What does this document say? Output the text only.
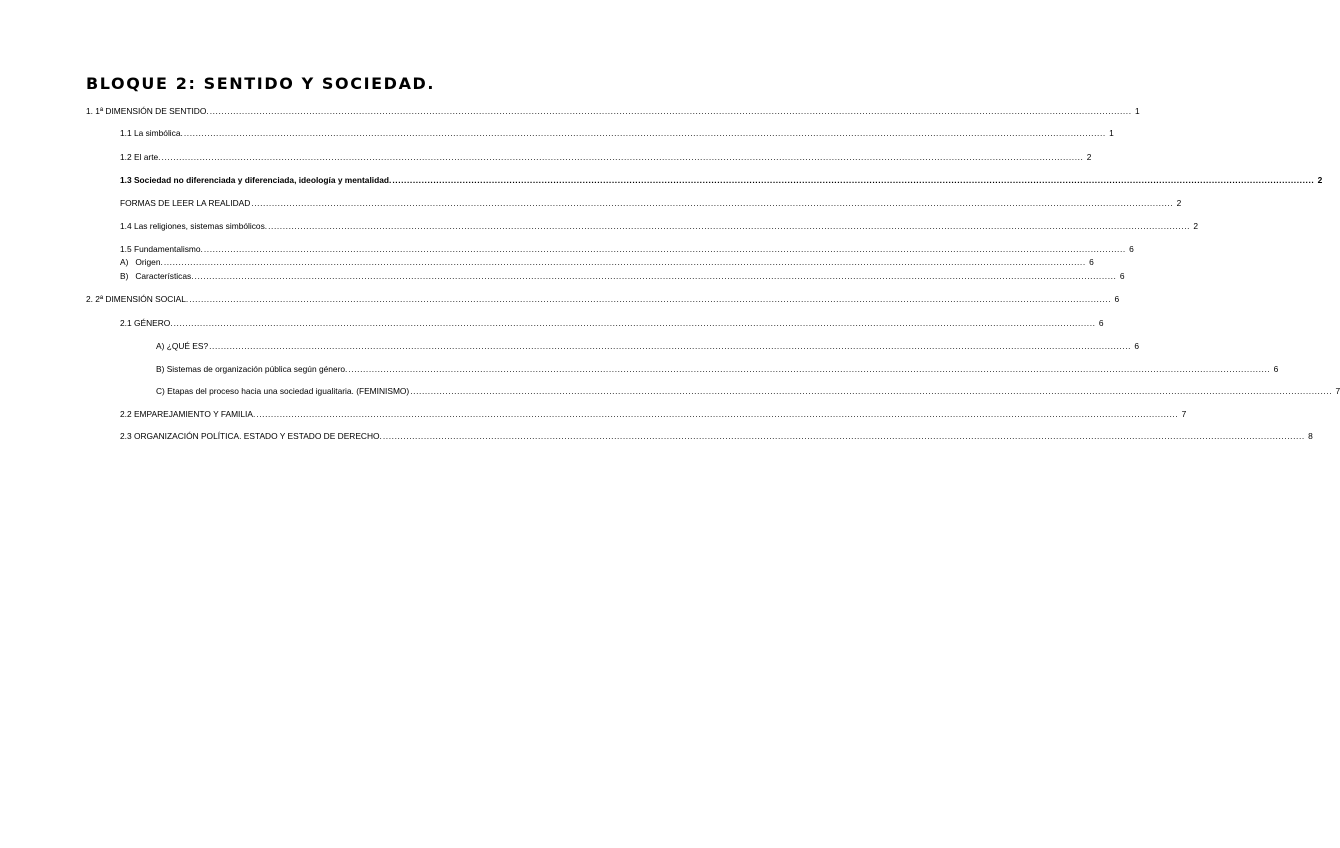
BLOQUE 2: SENTIDO Y SOCIEDAD.
1. 1ª DIMENSIÓN DE SENTIDO. ........................................................................................................................................................................................................................................................................................................................... 1
1.1 La simbólica. ........................................................................................................................................................................................................................................................................................................................... 1
1.2 El arte. ........................................................................................................................................................................................................................................................................................................................... 2
1.3 Sociedad no diferenciada y diferenciada, ideología y mentalidad. ........................................................................................................................................................................................................................................................................................................................... 2
FORMAS DE LEER LA REALIDAD ........................................................................................................................................................................................................................................................................................................................... 2
1.4 Las religiones, sistemas simbólicos. ........................................................................................................................................................................................................................................................................................................................... 2
1.5 Fundamentalismo. ........................................................................................................................................................................................................................................................................................................................... 6
A)   Origen. ........................................................................................................................................................................................................................................................................................................................... 6
B)   Características. ........................................................................................................................................................................................................................................................................................................................... 6
2. 2ª DIMENSIÓN SOCIAL. ........................................................................................................................................................................................................................................................................................................................... 6
2.1 GÉNERO. ........................................................................................................................................................................................................................................................................................................................... 6
A) ¿QUÉ ES? ........................................................................................................................................................................................................................................................................................................................... 6
B) Sistemas de organización pública según género. ........................................................................................................................................................................................................................................................................................................................... 6
C) Etapas del proceso hacia una sociedad igualitaria. (FEMINISMO) ........................................................................................................................................................................................................................................................................................................................... 7
2.2 EMPAREJAMIENTO Y FAMILIA. ........................................................................................................................................................................................................................................................................................................................... 7
2.3 ORGANIZACIÓN POLÍTICA. ESTADO Y ESTADO DE DERECHO. ........................................................................................................................................................................................................................................................................................................................... 8
